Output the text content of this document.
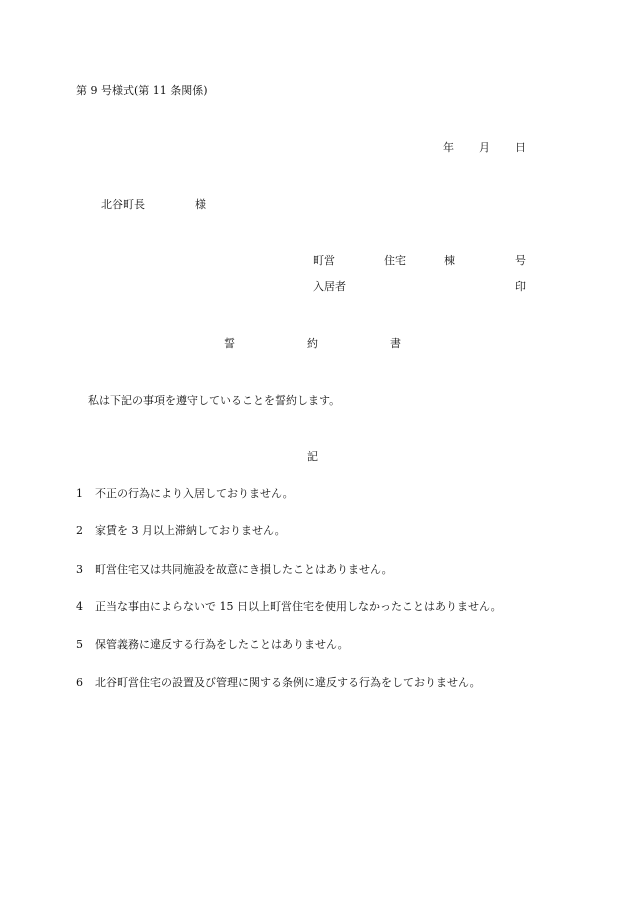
第 9 号様式(第 11 条関係)
年 月 日
北谷町長	様
町営	住宅	棟	号
入居者	印
誓	約	書
私は下記の事項を遵守していることを誓約します。
記
1 不正の行為により入居しておりません。
2 家賃を 3 月以上滞納しておりません。
3 町営住宅又は共同施設を故意にき損したことはありません。
4 正当な事由によらないで 15 日以上町営住宅を使用しなかったことはありません。
5 保管義務に違反する行為をしたことはありません。
6 北谷町営住宅の設置及び管理に関する条例に違反する行為をしておりません。
